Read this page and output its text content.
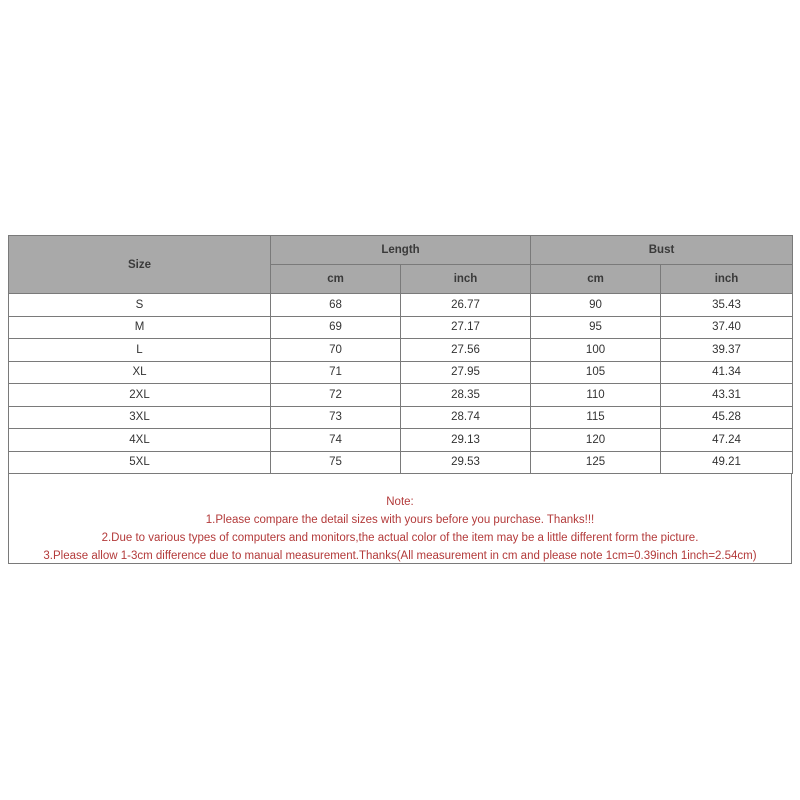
Size	Length		Bust	
	cm	inch	cm	inch
S	68	26.77	90	35.43
M	69	27.17	95	37.40
L	70	27.56	100	39.37
XL	71	27.95	105	41.34
2XL	72	28.35	110	43.31
3XL	73	28.74	115	45.28
4XL	74	29.13	120	47.24
5XL	75	29.53	125	49.21
Note:
1.Please compare the detail sizes with yours before you purchase. Thanks!!!
2.Due to various types of computers and monitors,the actual color of the item may be a little different form the picture.
3.Please allow 1-3cm difference due to manual measurement.Thanks(All measurement in cm and please note 1cm=0.39inch 1inch=2.54cm)
